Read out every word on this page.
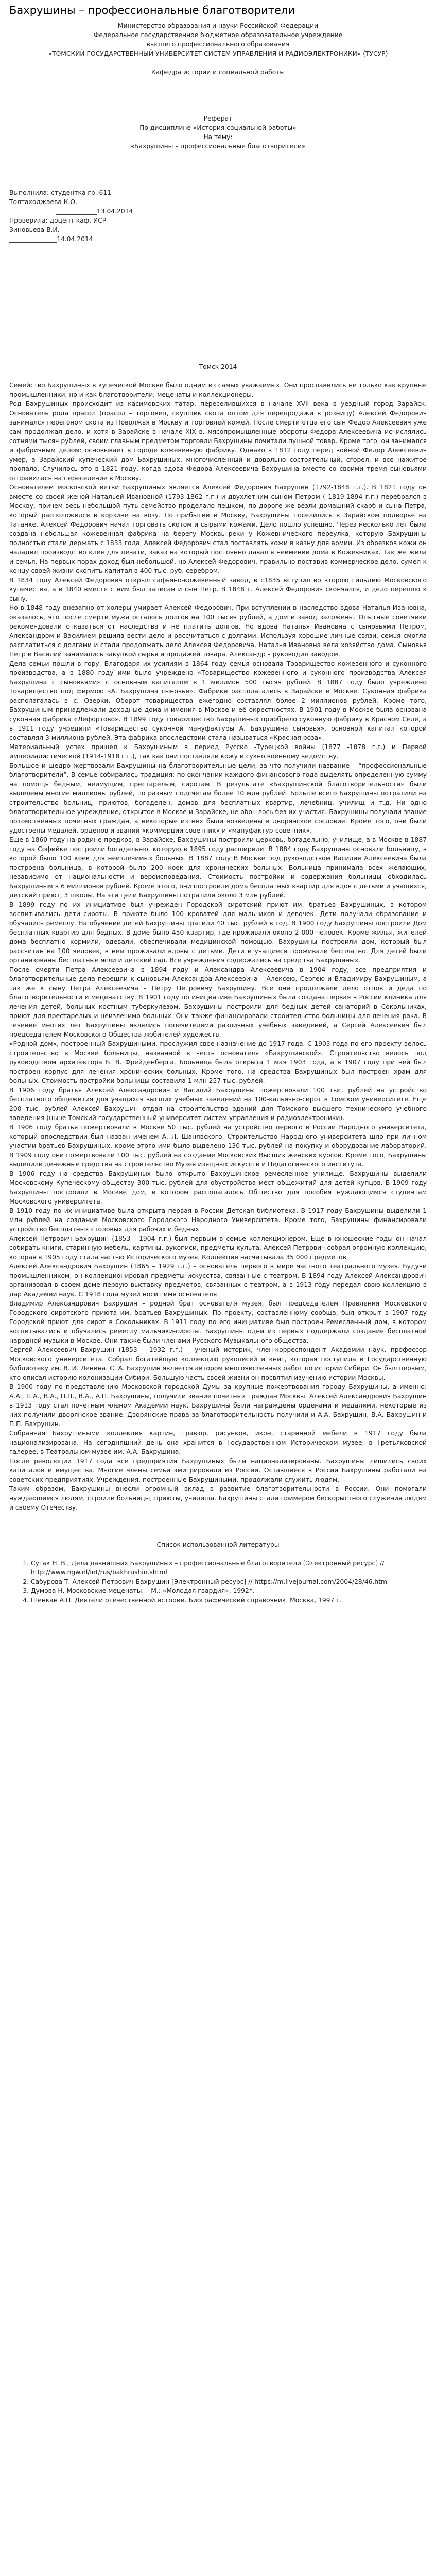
Бахрушины – профессиональные благотворители

Министерство образования и науки Российской Федерации

Федеральное государственное бюджетное образовательное учреждение

высшего профессионального образования

«ТОМСКИЙ ГОСУДАРСТВЕННЫЙ УНИВЕРСИТЕТ СИСТЕМ УПРАВЛЕНИЯ И РАДИОЭЛЕКТРОНИКИ» (ТУСУР)

Кафедра истории и социальной работы

Реферат

По дисциплине «История социальной работы»

На тему:

«Бахрушины – профессиональные благотворители»

Выполнила: студентка гр. 611

Толтаходжаева К.О.

_____________13.04.2014

Проверила: доцент каф. ИСР

Зиновьева В.И.

_______________14.04.2014

Томск 2014

Семейство Бахрушиных в купеческой Москве было одним из самых уважаемых. Они прославились не только как крупные промышленники, но и как благотворители, меценаты и коллекционеры.

Род Бахрушиных происходит из касимовских татар, переселившихся в начале XVII века в уездный город Зарайск. Основатель рода прасол (прасол – торговец, скупщик скота оптом для перепродажи в розницу) Алексей Федорович занимался перегоном скота из Поволжья в Москву и торговлей кожей. После смерти отца его сын Федор Алексеевич уже сам продолжал дело, и хотя в Зарайске в начале XIX в. мясопромышленные обороты Федора Алексеевича исчислялись сотнями тысяч рублей, своим главным предметом торговли Бахрушины почитали пушной товар. Кроме того, он занимался и фабричным делом: основывает в городе кожевенную фабрику. Однако в 1812 году перед войной Федор Алексеевич умер, а Зарайский купеческий дом Бахрушиных, многочисленный и довольно состоятельный, сгорел, и все нажитое пропало. Случилось это в 1821 году, когда вдова Федора Алексеевича Бахрушина вместе со своими тремя сыновьями отправилась на переселение в Москву.

Основателем московской ветви Бахрушиных является Алексей Федорович Бахрушин (1792-1848 г.г.). В 1821 году он вместе со своей женой Натальей Ивановной (1793-1862 г.г.) и двухлетним сыном Петром ( 1819-1894 г.г.) перебрался в Москву, причем весь небольшой путь семейство проделало пешком, по дороге же везли домашний скарб и сына Петра, который расположился в корзине на возу. По прибытии в Москву, Бахрушины поселились в Зарайском подворье на Таганке. Алексей Федорович начал торговать скотом и сырыми кожами. Дело пошло успешно. Через несколько лет была создана небольшая кожевенная фабрика на берегу Москвы-реки у Кожевнического переулка, которую Бахрушины полностью стали держать с 1833 года. Алексей Федорович стал поставлять кожи в казну для армии. Из обрезков кожи он наладил производство клея для печати, заказ на который постоянно давал в неимении дома в Кожевниках. Так же жила и семья. На первых порах доход был небольшой, но Алексей Федорович, правильно поставив коммерческое дело, сумел к концу своей жизни скопить капитал в 400 тыс. руб. серебром.

В 1834 году Алексей Федорович открыл сафьяно-кожевенный завод, в с1835 вступил во второю гильдию Московского купечества, а в 1840 вместе с ним был записан и сын Петр. В 1848 г. Алексей Федорович скончался, и дело перешло к сыну.

Но в 1848 году внезапно от холеры умирает Алексей Федорович. При вступлении в наследство вдова Наталья Ивановна, оказалось, что после смерти мужа осталось долгов на 100 тысяч рублей, а дом и завод заложены. Опытные советчики рекомендовали отказаться от наследства и не платить долгов. Но вдова Наталья Ивановна с сыновьями Петром, Александром и Василием решила вести дело и рассчитаться с долгами. Используя хорошие личные связи, семья смогла расплатиться с долгами и стали продолжать дело Алексея Федоровича. Наталья Ивановна вела хозяйство дома. Сыновья Петр и Василий занимались закупкой сырья и продажей товара, Александр – руководил заводом.

Дела семьи пошли в гору. Благодаря их усилиям в 1864 году семья основала Товарищество кожевенного и суконного производства, а в 1880 году ими было учреждено «Товарищество кожевенного и суконного производства Алексея Бахрушина с сыновьями» с основным капиталом в 1 миллион 500 тысяч рублей. В 1887 году было учреждено Товарищество под фирмою «А. Бахрушина сыновья». Фабрики располагались в Зарайске и Москве. Суконная фабрика располагалась в с. Озерки. Оборот товарищества ежегодно составлял более 2 миллионов рублей. Кроме того, Бахрушиным принадлежали доходные дома и имения в Москве и её окрестностях. В 1901 году в Москве была основана суконная фабрика «Лефортово». В 1899 году товарищество Бахрушиных приобрело суконную фабрику в Красном Селе, а в 1911 году учредили «Товарищество суконной мануфактуры А. Бахрушина сыновья», основной капитал которой составлял 3 миллиона рублей. Эта фабрика впоследствии стала называться «Красная роза».

Материальный успех пришел к Бахрушиным в период Русско -Турецкой войны (1877 -1878 г.г.) и Первой империалистической (1914-1918 г.г.), так как они поставляли кожу и сукно военному ведомству.

Большое и щедро жертвовали Бахрушины на благотворительные цели, за что получили название – “профессиональные благотворители”. В семье собиралась традиция: по окончании каждого финансового года выделять определенную сумму на помощь бедным, неимущим, престарелым, сиротам. В результате «Бахрушинской благотворительности» были выделены многие миллионы рублей, по разным подсчетам более 10 млн рублей. Больше всего Бахрушины потратили на строительство больниц, приютов, богаделен, домов для бесплатных квартир, лечебниц, училищ и т.д. Ни одно благотворительное учреждение, открытое в Москве и Зарайске, не обошлось без их участия. Бахрушины получали звание потомственных почетных граждан, а некоторые из них были возведены в дворянское сословие. Кроме того, они были удостоены медалей, орденов и званий «коммерции советник» и «мануфактур-советник».

Еще в 1860 году на родине предков, в Зарайске, Бахрушины построили церковь, богадельню, училище, а в Москве в 1887 году на Софийке построили богадельню, которую в 1895 году расширили. В 1884 году Бахрушины основали больницу, в которой было 100 коек для неизлечимых больных. В 1887 году В Москве под руководством Василия Алексеевича была построена больница, в которой было 200 коек для хронических больных. Больница принимала всех желающих, независимо от национальности и вероисповедания. Стоимость постройки и содержания больницы обходилась Бахрушиным в 6 миллионов рублей. Кроме этого, они построили дома бесплатных квартир для вдов с детьми и учащихся, детский приют, 3 школы. На эти цели Бахрушины потратили около 3 млн рублей.

В 1899 году по их инициативе был учрежден Городской сиротский приют им. братьев Бахрушиных, в котором воспитывались дети–сироты. В приюте было 100 кроватей для мальчиков и девочек. Дети получали образование и обучались ремеслу. На обучение детей Бахрушины тратили 40 тыс. рублей в год. В 1900 году Бахрушины построили Дом бесплатных квартир для бедных. В доме было 450 квартир, где проживали около 2 000 человек. Кроме жилья, жителей дома бесплатно кормили, одевали, обеспечивали медицинской помощью. Бахрушины построили дом, который был рассчитан на 100 человек, в нем проживали вдовы с детьми. Дети и учащиеся проживали бесплатно. Для детей были организованы бесплатные ясли и детский сад. Все учреждения содержались на средства Бахрушиных.

После смерти Петра Алексеевича в 1894 году и Александра Алексеевича в 1904 году, все предприятия и благотворительные дела перешли к сыновьям Александра Алексеевича – Алексею, Сергею и Владимиру Бахрушиным, а так же к сыну Петра Алексеевича – Петру Петровичу Бахрушину. Все они продолжали дело отцов и деда по благотворительности и меценатству. В 1901 году по инициативе Бахрушиных была создана первая в России клиника для лечения детей, больных костным туберкулезом. Бахрушины построили для бедных детей санаторий в Сокольниках, приют для престарелых и неизлечимо больных. Они также финансировали строительство больницы для лечения рака. В течение многих лет Бахрушины являлись попечителями различных учебных заведений, а Сергей Алексеевич был председателем Московского Общества любителей художеств.

«Родной дом», построенный Бахрушиными, прослужил свое назначение до 1917 года. С 1903 года по его проекту велось строительство в Москве больницы, названной в честь основателя «Бахрушинской». Строительство велось под руководством архитектора Б. В. Фрейденберга. Больница была открыта 1 мая 1903 года, а в 1907 году при ней был построен корпус для лечения хронических больных. Кроме того, на средства Бахрушиных был построен храм для больных. Стоимость постройки больницы составила 1 млн 257 тыс. рублей.

В 1906 году братья Алексей Александрович и Василий Бахрушины пожертвовали 100 тыс. рублей на устройство бесплатного общежития для учащихся высших учебных заведений на 100-кальячно-сирот в Томском университете. Еще 200 тыс. рублей Алексей Бахрушин отдал на строительство зданий для Томского высшего технического учебного заведения (ныне Томский государственный университет систем управления и радиоэлектроники).

В 1906 году братья пожертвовали в Москве 50 тыс. рублей на устройство первого в России Народного университета, который впоследствии был назван именем А. Л. Шанявского. Строительство Народного университета шло при личном участии братьев Бахрушиных, кроме этого ими было выделено 130 тыс. рублей на покупку и оборудование лабораторий. В 1909 году они пожертвовали 100 тыс. рублей на создание Московских Высших женских курсов. Кроме того, Бахрушины выделили денежные средства на строительство Музея изящных искусств и Педагогического института.

В 1906 году на средства Бахрушиных было открыто Бахрушинское ремесленное училище. Бахрушины выделили Московскому Купеческому обществу 300 тыс. рублей для обустройства мест общежитий для детей купцов. В 1909 году Бахрушины построили в Москве дом, в котором располагалось Общество для пособия нуждающимся студентам Московского университета.

В 1910 году по их инициативе была открыта первая в России Детская библиотека. В 1917 году Бахрушины выделили 1 млн рублей на создание Московского Городского Народного Университета. Кроме того, Бахрушины финансировали устройство бесплатных столовых для рабочих и бедных.

Алексей Петрович Бахрушин (1853 - 1904 г.г.) был первым в семье коллекционером. Еще в юношеские годы он начал собирать книги, старинную мебель, картины, рукописи, предметы культа. Алексей Петрович собрал огромную коллекцию, которая в 1905 году стала частью Исторического музея. Коллекция насчитывала 35 000 предметов.

Алексей Александрович Бахрушин (1865 – 1929 г.г.) – основатель первого в мире частного театрального музея. Будучи промышленником, он коллекционировал предметы искусства, связанные с театром. В 1894 году Алексей Александрович организовал в своем доме первую выставку предметов, связанных с театром, а в 1913 году передал свою коллекцию в дар Академии наук. С 1918 года музей носит имя основателя.

Владимир Александрович Бахрушин – родной брат основателя музея, был председателем Правления Московского Городского сиротского приюта им. братьев Бахрушиных. По проекту, составленному сообща, был открыт в 1907 году Городской приют для сирот в Сокольниках. В 1911 году по его инициативе был построен Ремесленный дом, в котором воспитывались и обучались ремеслу мальчики-сироты. Бахрушины одни из первых поддержали создание бесплатной народной музыки в Москве. Они также были членами Русского Музыкального общества.

Сергей Алексеевич Бахрушин (1853 – 1932 г.г.) – ученый историк, член-корреспондент Академии наук, профессор Московского университета. Собрал богатейшую коллекцию рукописей и книг, которая поступила в Государственную библиотеку им. В. И. Ленина. С. А. Бахрушин является автором многочисленных работ по истории Сибири. Он был первым, кто описал историю колонизации Сибири. Большую часть своей жизни он посвятил изучению истории Москвы.

В 1900 году по представлению Московской городской Думы за крупные пожертвования городу Бахрушины, а именно: А.А., П.А., В.А., П.П., В.А., А.П. Бахрушины, получили звание почетных граждан Москвы. Алексей Александрович Бахрушин в 1913 году стал почетным членом Академии наук. Бахрушины были награждены орденами и медалями, некоторые из них получили дворянское звание. Дворянские права за благотворительность получили и А.А. Бахрушин, В.А. Бахрушин и П.П. Бахрушин.

Собранная Бахрушиными коллекция картин, гравюр, рисунков, икон, старинной мебели в 1917 году была национализирована. На сегодняшний день она хранится в Государственном Историческом музее, в Третьяковской галерее, в Театральном музее им. А.А. Бахрушина.

После революции 1917 года все предприятия Бахрушиных были национализированы. Бахрушины лишились своих капиталов и имущества. Многие члены семьи эмигрировали из России. Оставшиеся в России Бахрушины работали на советских предприятиях. Учреждения, построенные Бахрушиными, продолжали служить людям.

Таким образом, Бахрушины внесли огромный вклад в развитие благотворительности в России. Они помогали нуждающимся людям, строили больницы, приюты, училища. Бахрушины стали примером бескорыстного служения людям и своему Отечеству.

Список использованной литературы

1. Сугак Н. В., Дела давнишних Бахрушиных – профессиональные благотворители [Электронный ресурс] // http://www.ngw.nl/int/rus/bakhrushin.shtml
2. Сабурова Т. Алексей Петрович Бахрушин [Электронный ресурс] // https://m.livejournal.com/2004/28/46.htm
3. Думова Н. Московские меценаты. – М.: «Молодая гвардия», 1992г.
4. Шенкан А.П. Деятели отечественной истории. Биографический справочник. Москва, 1997 г.
